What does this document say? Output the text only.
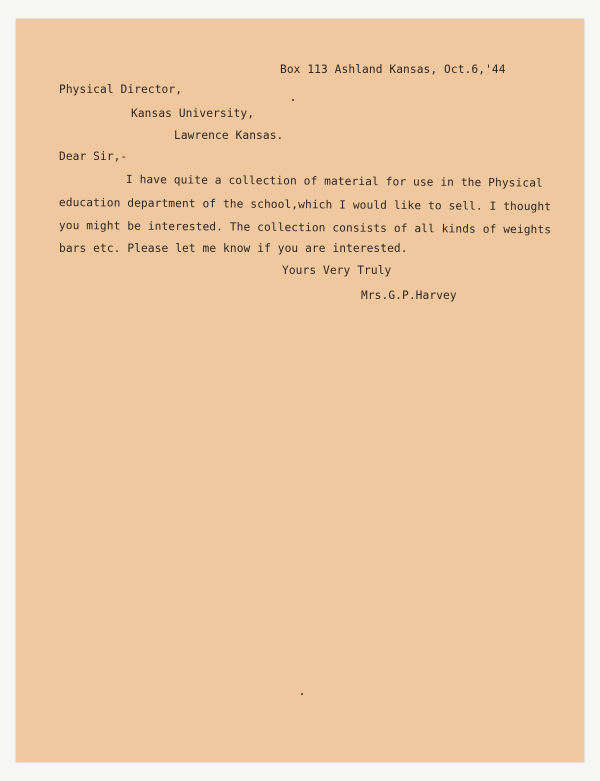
Box 113 Ashland Kansas, Oct.6,'44
Physical Director,
Kansas University,
Lawrence Kansas.
Dear Sir,-
I have quite a collection of material for use in the Physical
education department of the school,which I would like to sell. I thought
you might be interested. The collection consists of all kinds of weights
bars etc. Please let me know if you are interested.
Yours Very Truly
Mrs.G.P.Harvey
